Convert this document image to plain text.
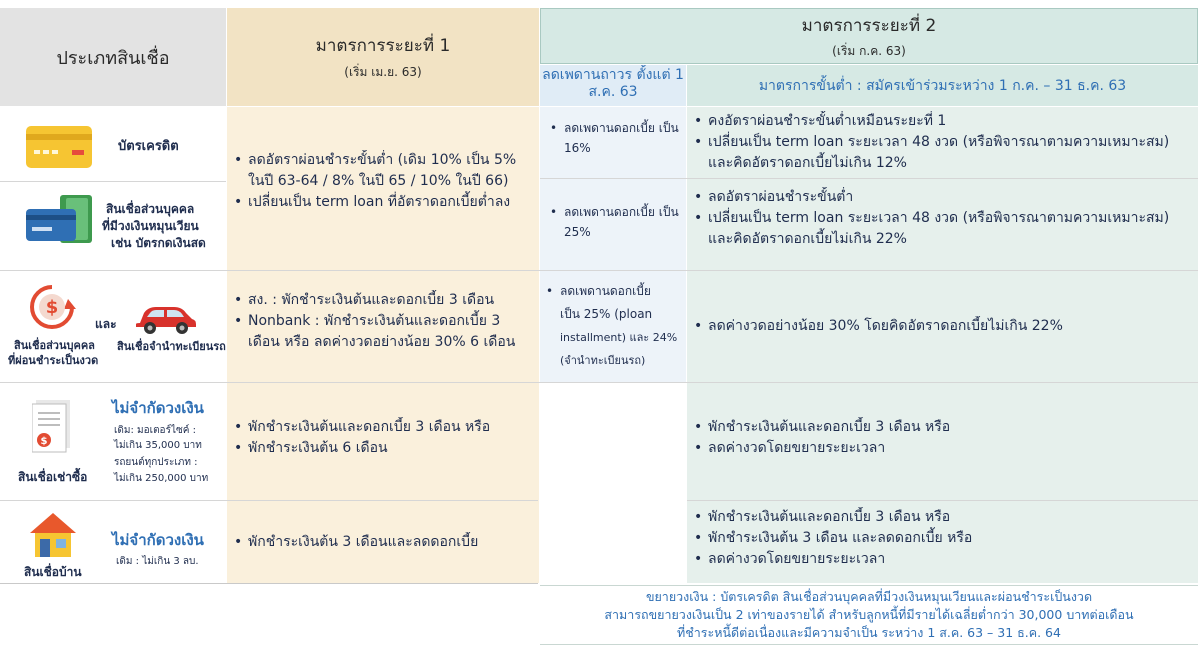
ประเภทสินเชื่อ
มาตรการระยะที่ 1
(เริ่ม เม.ย. 63)
มาตรการระยะที่ 2
(เริ่ม ก.ค. 63)
ลดเพดานถาวร ตั้งแต่ 1 ส.ค. 63	มาตรการขั้นต่ำ : สมัครเข้าร่วมระหว่าง 1 ก.ค. – 31 ธ.ค. 63
บัตรเครดิต
• ลดเพดานดอกเบี้ย เป็น 16%
• คงอัตราผ่อนชำระขั้นต่ำเหมือนระยะที่ 1
• เปลี่ยนเป็น term loan ระยะเวลา 48 งวด (หรือพิจารณาตามความเหมาะสม) และคิดอัตราดอกเบี้ยไม่เกิน 12%
สินเชื่อส่วนบุคคล
ที่มีวงเงินหมุนเวียน
เช่น บัตรกดเงินสด
• ลดอัตราผ่อนชำระขั้นต่ำ (เดิม 10% เป็น 5% ในปี 63-64 / 8% ในปี 65 / 10% ในปี 66)
• เปลี่ยนเป็น term loan ที่อัตราดอกเบี้ยต่ำลง
• ลดเพดานดอกเบี้ย เป็น 25%
• ลดอัตราผ่อนชำระขั้นต่ำ
• เปลี่ยนเป็น term loan ระยะเวลา 48 งวด (หรือพิจารณาตามความเหมาะสม) และคิดอัตราดอกเบี้ยไม่เกิน 22%
$
สินเชื่อส่วนบุคคล
ที่ผ่อนชำระเป็นงวด
และ
สินเชื่อจำนำทะเบียนรถ
• สง. : พักชำระเงินต้นและดอกเบี้ย 3 เดือน
• Nonbank : พักชำระเงินต้นและดอกเบี้ย 3 เดือน หรือ ลดค่างวดอย่างน้อย 30% 6 เดือน
• ลดเพดานดอกเบี้ย
เป็น 25% (ploan
installment) และ 24%
(จำนำทะเบียนรถ)
• ลดค่างวดอย่างน้อย 30% โดยคิดอัตราดอกเบี้ยไม่เกิน 22%
$
สินเชื่อเช่าซื้อ
ไม่จำกัดวงเงิน
เดิม: มอเตอร์ไซค์ :
ไม่เกิน 35,000 บาท
รถยนต์ทุกประเภท :
ไม่เกิน 250,000 บาท
• พักชำระเงินต้นและดอกเบี้ย 3 เดือน หรือ
• พักชำระเงินต้น 6 เดือน
• พักชำระเงินต้นและดอกเบี้ย 3 เดือน หรือ
• ลดค่างวดโดยขยายระยะเวลา
สินเชื่อบ้าน
ไม่จำกัดวงเงิน
เดิม : ไม่เกิน 3 ลบ.
• พักชำระเงินต้น 3 เดือนและลดดอกเบี้ย
• พักชำระเงินต้นและดอกเบี้ย 3 เดือน หรือ
• พักชำระเงินต้น 3 เดือน และลดดอกเบี้ย หรือ
• ลดค่างวดโดยขยายระยะเวลา
ขยายวงเงิน : บัตรเครดิต สินเชื่อส่วนบุคคลที่มีวงเงินหมุนเวียนและผ่อนชำระเป็นงวด
สามารถขยายวงเงินเป็น 2 เท่าของรายได้ สำหรับลูกหนี้ที่มีรายได้เฉลี่ยต่ำกว่า 30,000 บาทต่อเดือน
ที่ชำระหนี้ดีต่อเนื่องและมีความจำเป็น ระหว่าง 1 ส.ค. 63 – 31 ธ.ค. 64
